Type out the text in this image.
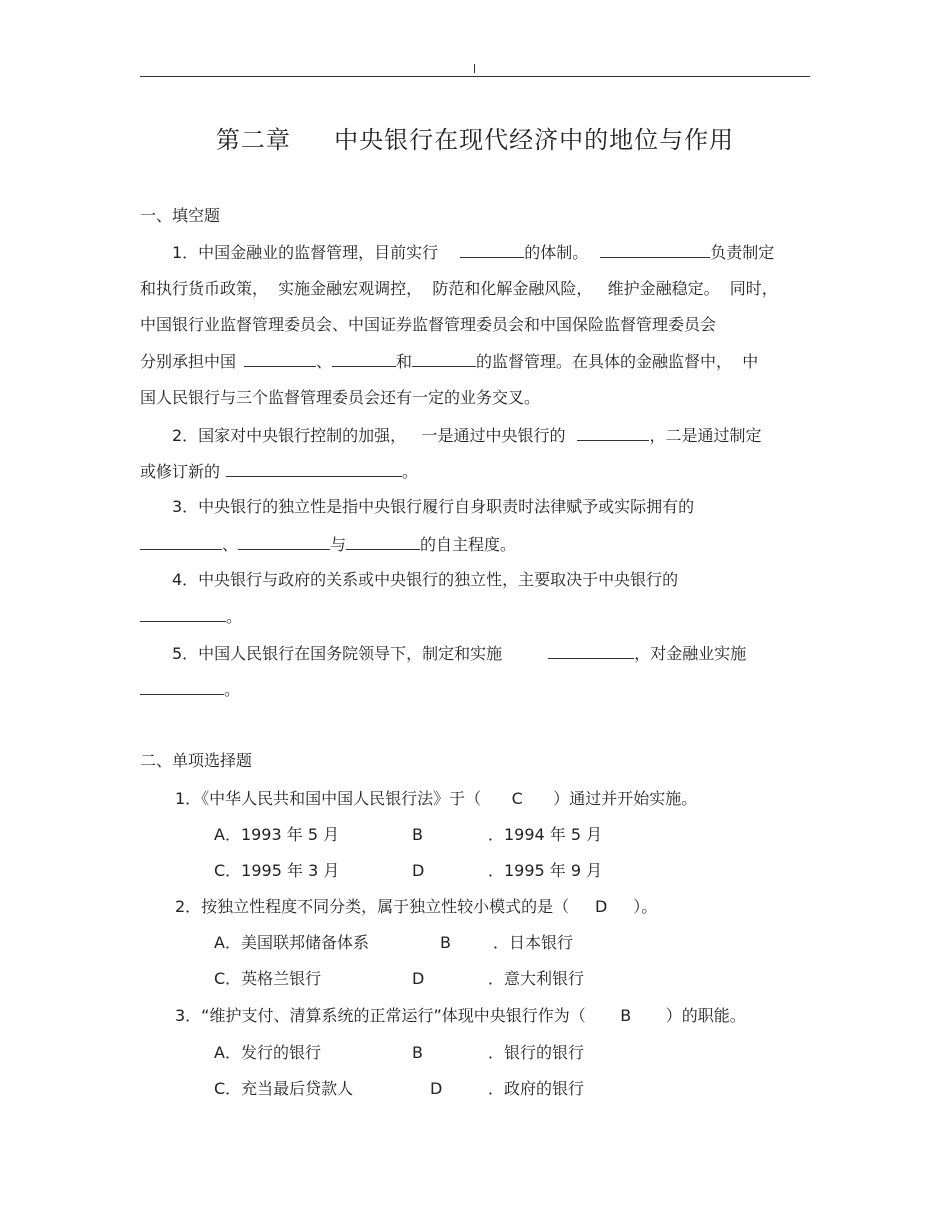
第二章     中央银行在现代经济中的地位与作用
一、填空题
1．中国金融业的监督管理，目前实行	的体制。	负责制定
和执行货币政策，  实施金融宏观调控，  防范和化解金融风险，   维护金融稳定。  同时，
中国银行业监督管理委员会、中国证券监督管理委员会和中国保险监督管理委员会
分别承担中国	、	和	的监督管理。在具体的金融监督中，  中
国人民银行与三个监督管理委员会还有一定的业务交叉。
2．国家对中央银行控制的加强，   一是通过中央银行的	，二是通过制定
或修订新的	。
3．中央银行的独立性是指中央银行履行自身职责时法律赋予或实际拥有的
、	与	的自主程度。
4．中央银行与政府的关系或中央银行的独立性，主要取决于中央银行的
。
5．中国人民银行在国务院领导下，制定和实施	，对金融业实施
。
二、单项选择题
1．《中华人民共和国中国人民银行法》于（ C ）通过并开始实施。
A．1993 年 5 月	B	．1994 年 5 月
C．1995 年 3 月	D	．1995 年 9 月
2．按独立性程度不同分类，属于独立性较小模式的是（ D ）。
A．美国联邦储备体系	B	．日本银行
C．英格兰银行	D	．意大利银行
3．“维护支付、清算系统的正常运行”体现中央银行作为（ B ）的职能。
A．发行的银行	B	．银行的银行
C．充当最后贷款人	D	．政府的银行
